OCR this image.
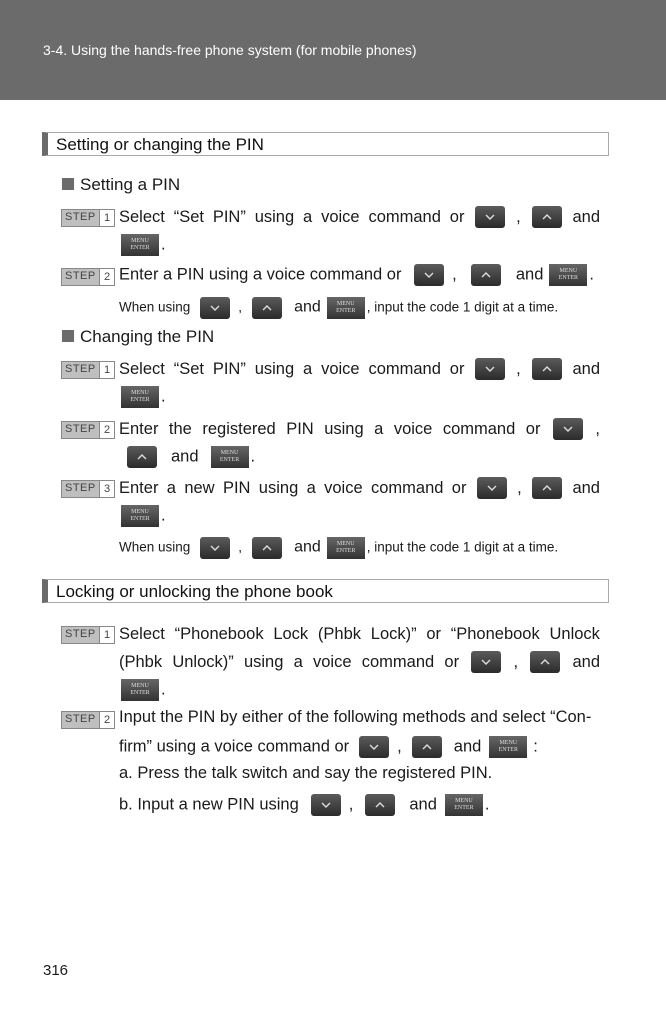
3-4. Using the hands-free phone system (for mobile phones)
Setting or changing the PIN
Setting a PIN
STEP 1 Select “Set PIN” using a voice command or	,	and
MENU
ENTER .
STEP 2 Enter a PIN using a voice command or	,	and	MENU
ENTER .
When using	,	and	MENU
ENTER , input the code 1 digit at a time.
Changing the PIN
STEP 1 Select “Set PIN” using a voice command or	,	and
MENU
ENTER .
STEP 2 Enter the registered PIN using a voice command or	,
and	MENU
ENTER .
STEP 3 Enter a new PIN using a voice command or	,	and
MENU
ENTER .
When using	,	and	MENU
ENTER , input the code 1 digit at a time.
Locking or unlocking the phone book
STEP 1 Select “Phonebook Lock (Phbk Lock)” or “Phonebook Unlock
(Phbk Unlock)” using a voice command or	,	and
MENU
ENTER .
STEP 2 Input the PIN by either of the following methods and select “Con-
firm” using a voice command or	,	and	MENU
ENTER :
a. Press the talk switch and say the registered PIN.
b. Input a new PIN using	,	and	MENU
ENTER .
316
